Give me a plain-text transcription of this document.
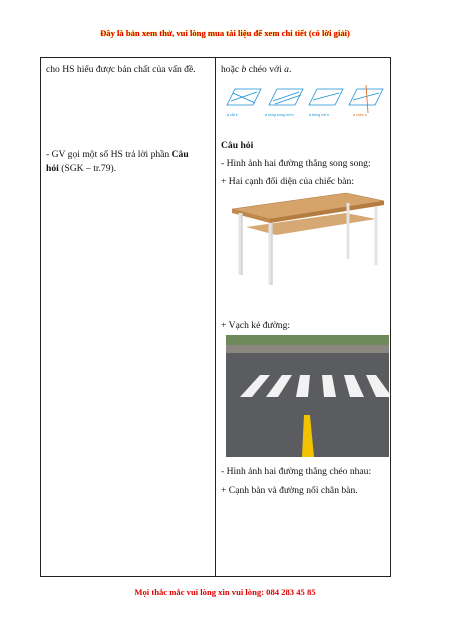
Đây là bản xem thử, vui lòng mua tài liệu để xem chi tiết (có lời giải)

cho HS hiểu được bản chất của vấn đề.

- GV gọi một số HS trả lời phần Câu

hỏi (SGK – tr.79).

hoặc b chéo với a.

a cắt b	a song song với b	a trùng với b	a chéo b

Câu hỏi

- Hình ảnh hai đường thẳng song song:

+ Hai cạnh đối diện của chiếc bàn:

+ Vạch kẻ đường:

- Hình ảnh hai đường thẳng chéo nhau:

+ Cạnh bàn và đường nối chân bàn.

Mọi thắc mắc vui lòng xin vui lòng: 084 283 45 85
